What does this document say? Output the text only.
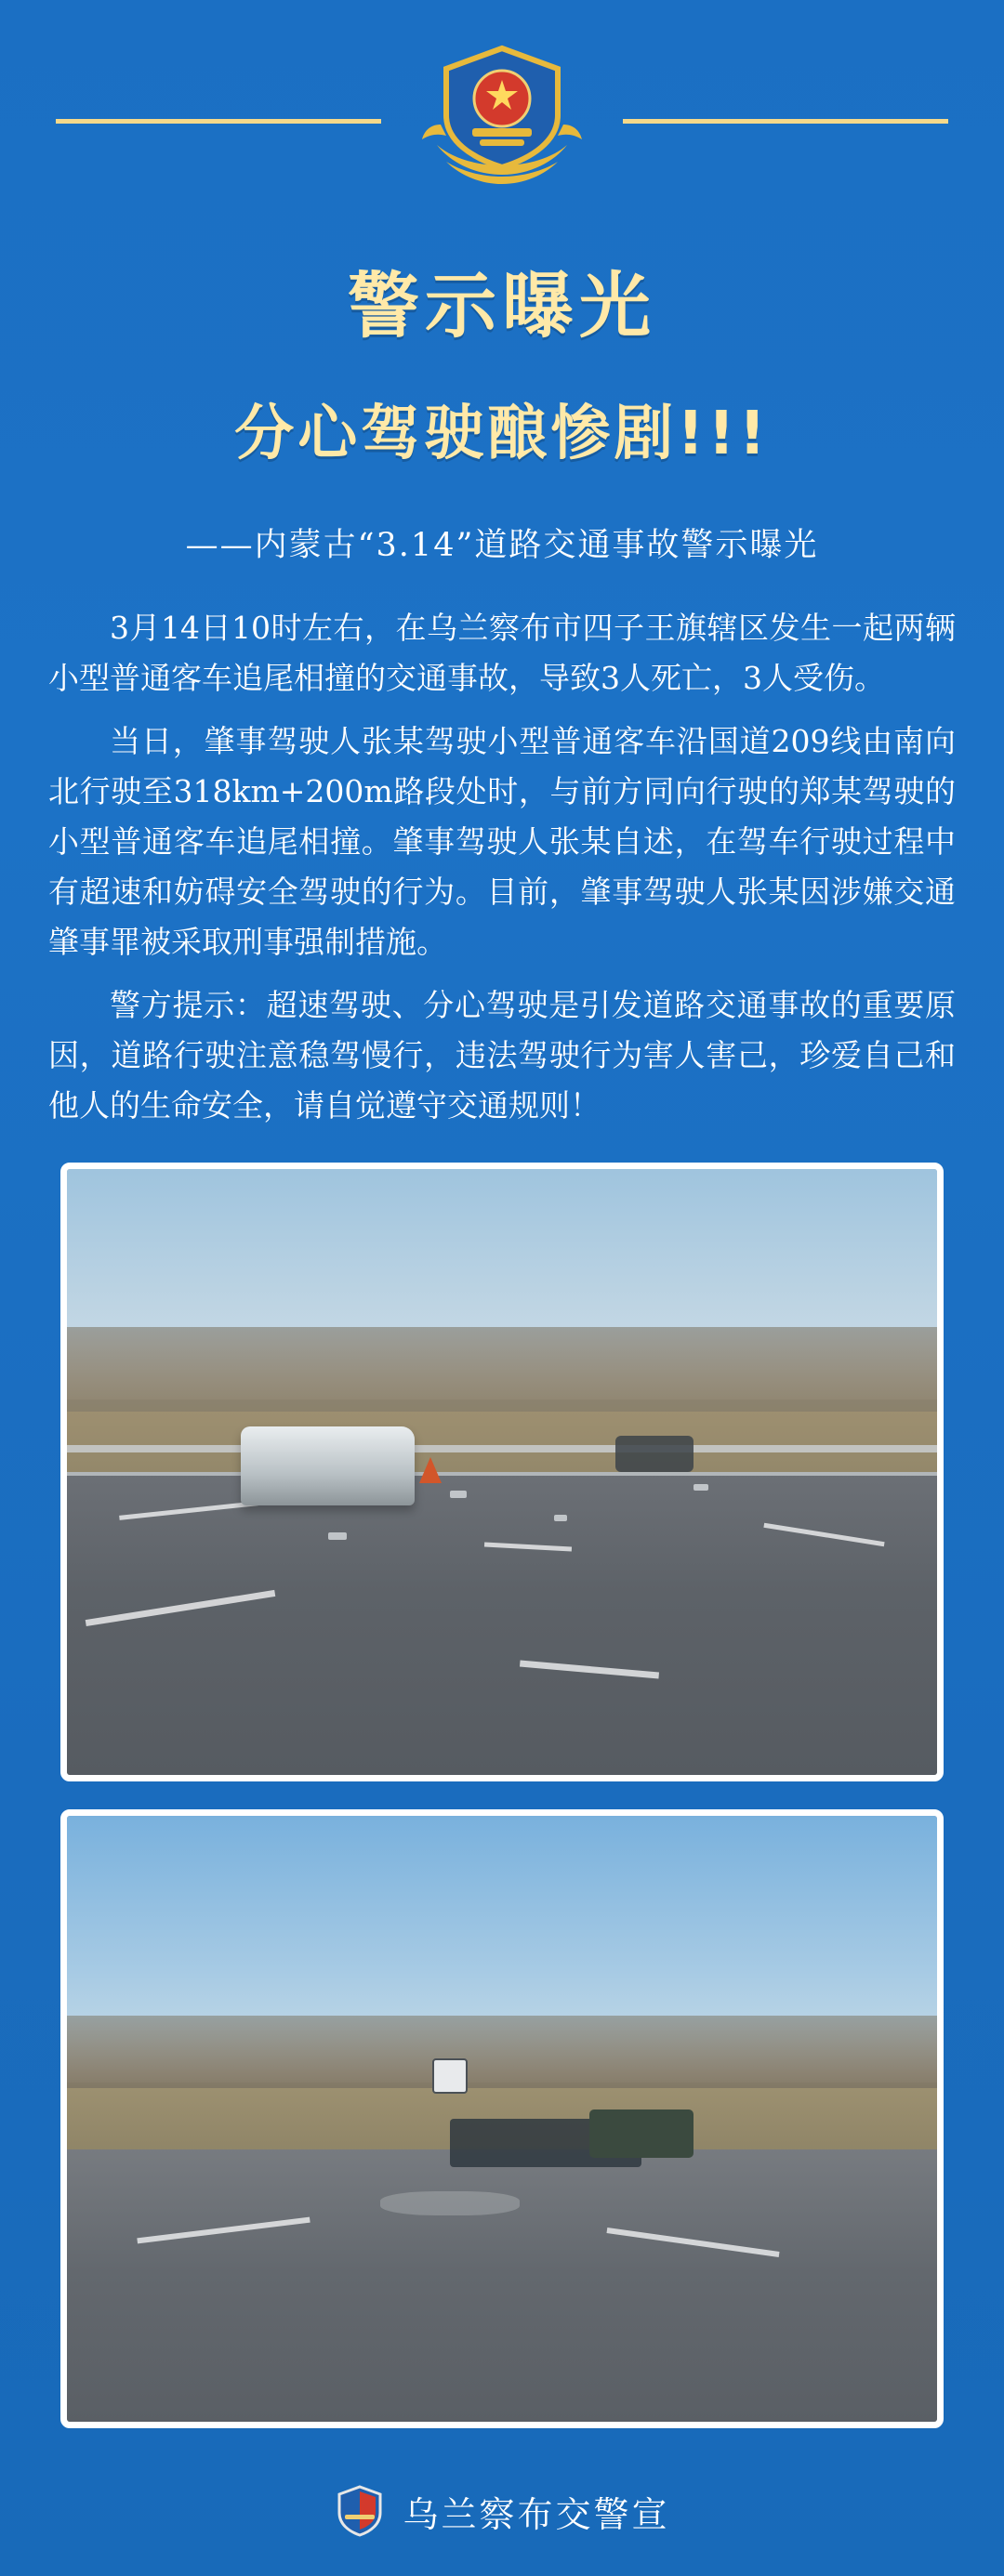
警示曝光
分心驾驶酿惨剧!!!
——内蒙古“3.14”道路交通事故警示曝光

3月14日10时左右，在乌兰察布市四子王旗辖区发生一起两辆小型普通客车追尾相撞的交通事故，导致3人死亡，3人受伤。

当日，肇事驾驶人张某驾驶小型普通客车沿国道209线由南向北行驶至318km+200m路段处时，与前方同向行驶的郑某驾驶的小型普通客车追尾相撞。肇事驾驶人张某自述，在驾车行驶过程中有超速和妨碍安全驾驶的行为。目前，肇事驾驶人张某因涉嫌交通肇事罪被采取刑事强制措施。

警方提示：超速驾驶、分心驾驶是引发道路交通事故的重要原因，道路行驶注意稳驾慢行，违法驾驶行为害人害己，珍爱自己和他人的生命安全，请自觉遵守交通规则！

乌兰察布交警宣
